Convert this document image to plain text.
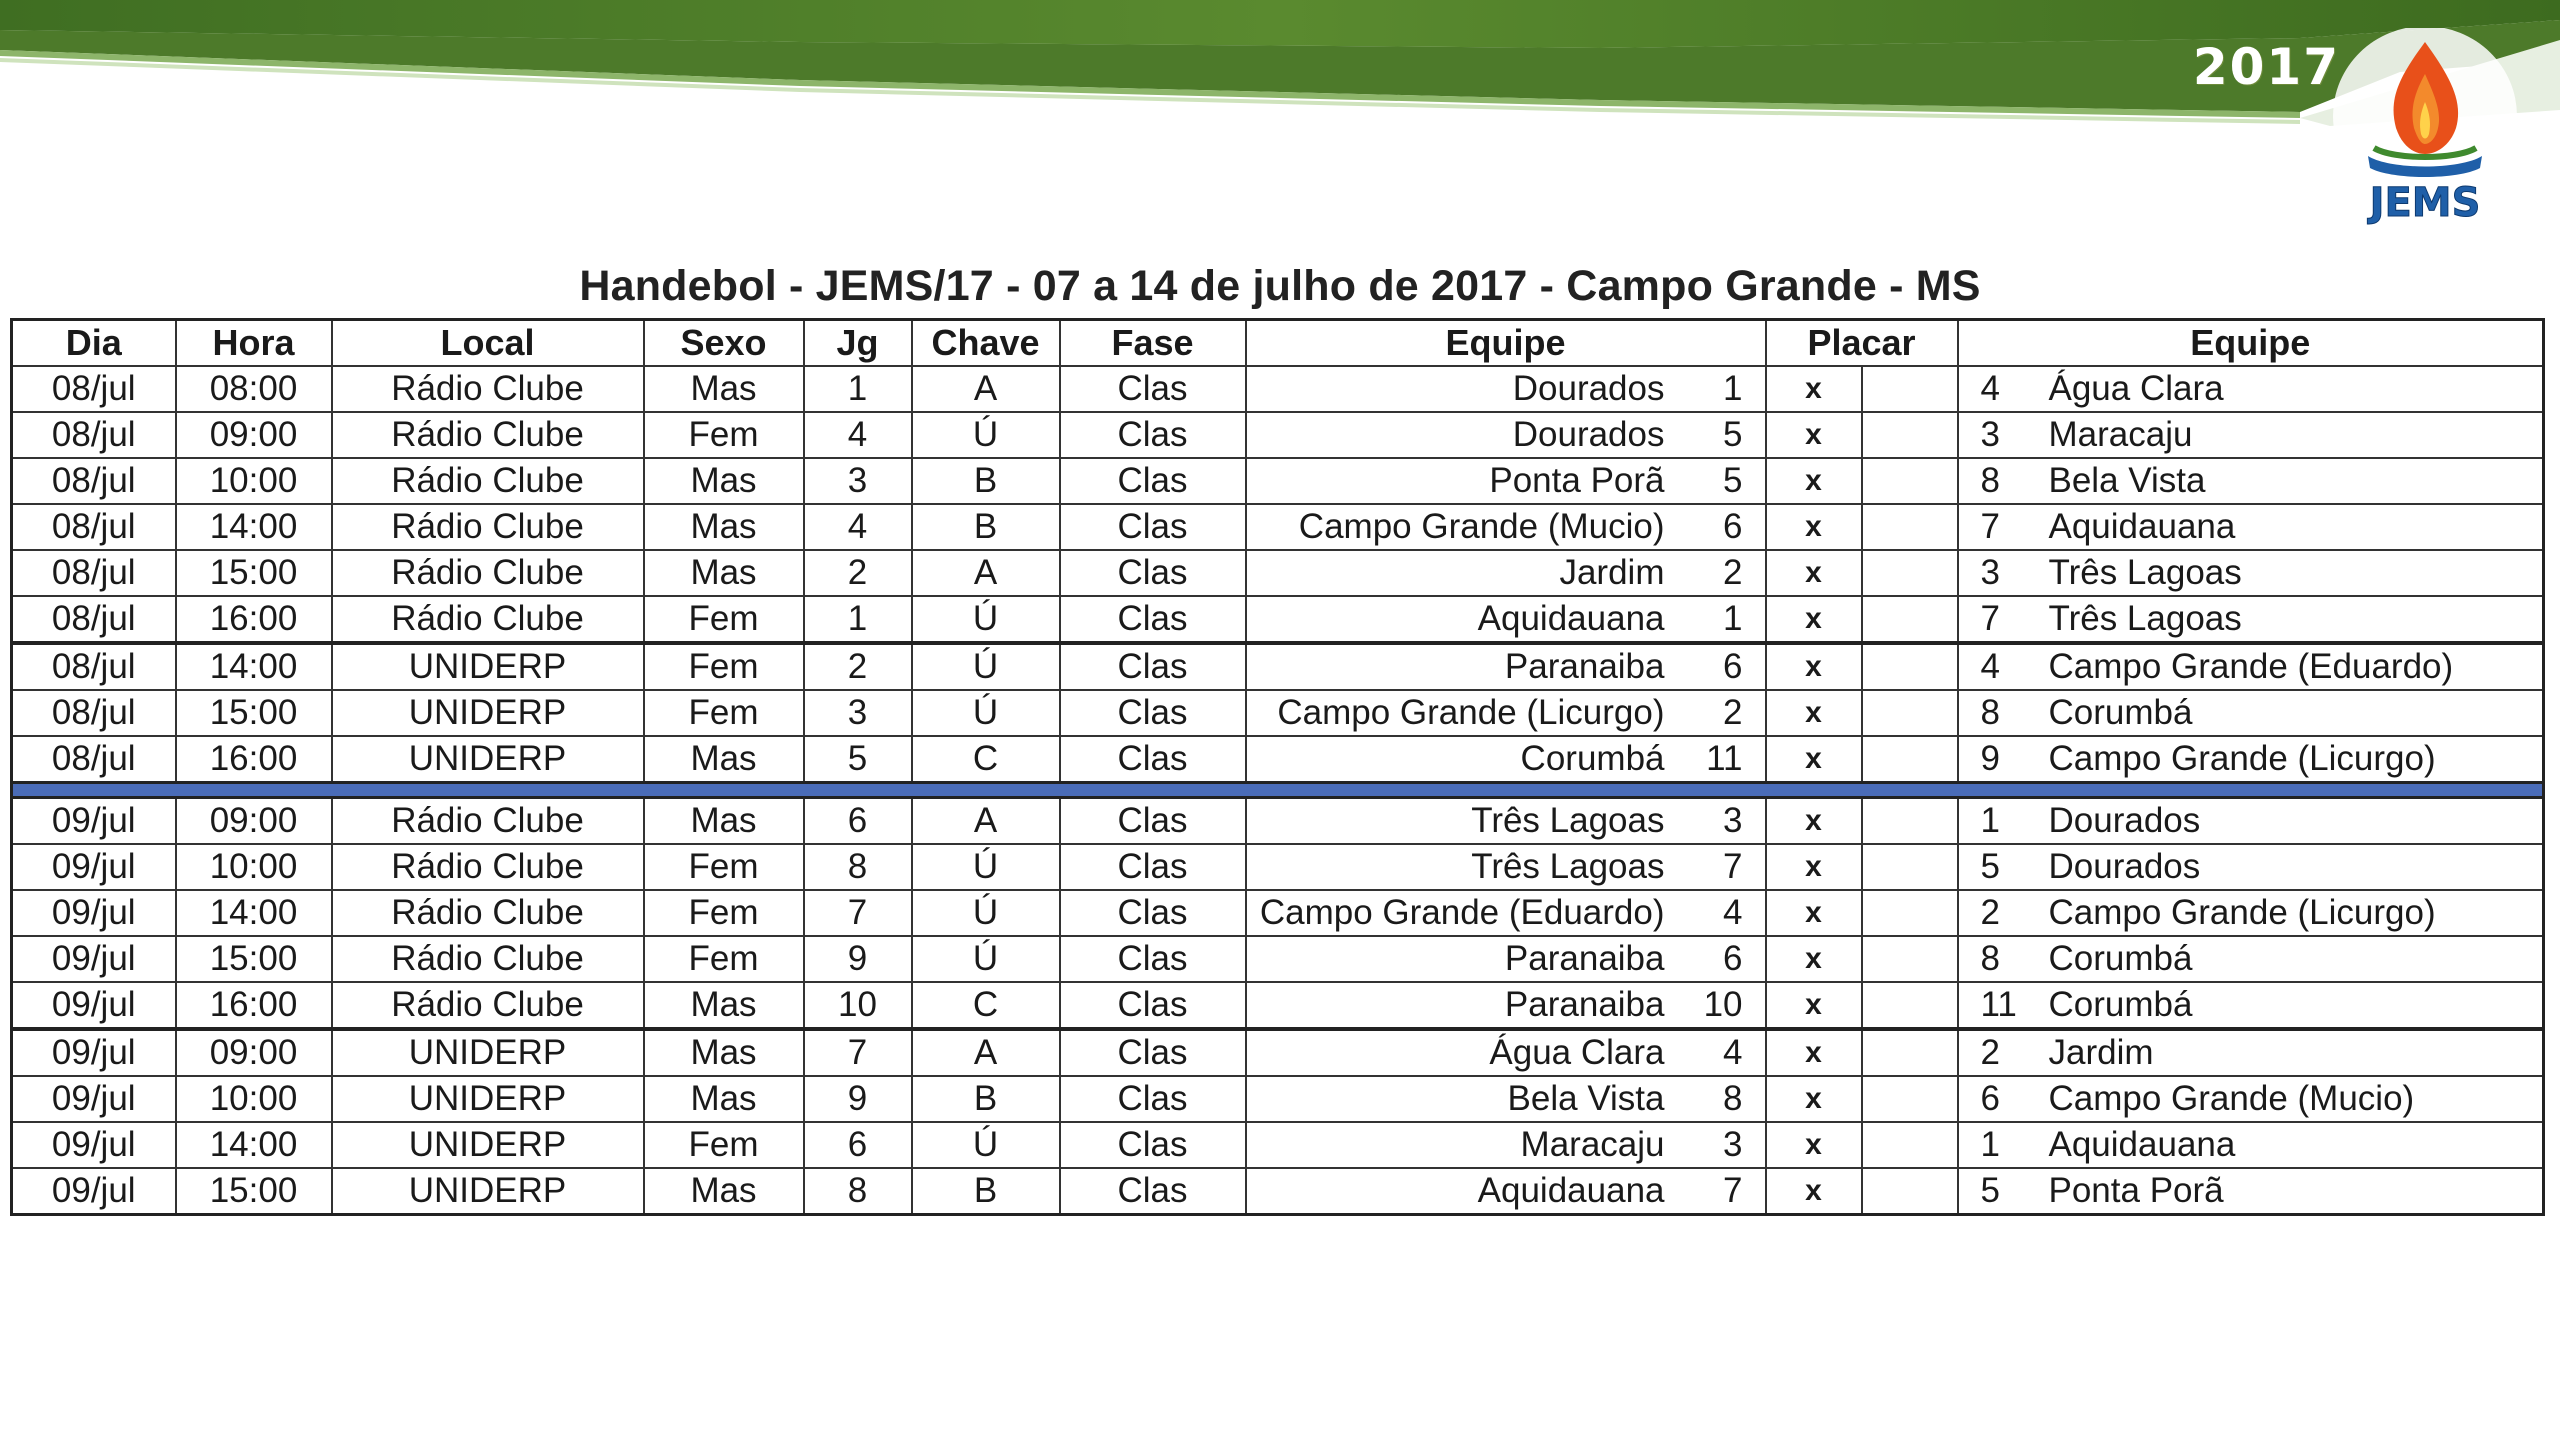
2017
JEMS
Handebol - JEMS/17 - 07 a 14 de julho de 2017 - Campo Grande - MS
Dia	Hora	Local	Sexo	Jg	Chave	Fase	Equipe	Placar		Equipe
08/jul	08:00	Rádio Clube	Mas	1	A	Clas	Dourados 1	x		4 Água Clara
08/jul	09:00	Rádio Clube	Fem	4	Ú	Clas	Dourados 5	x		3 Maracaju
08/jul	10:00	Rádio Clube	Mas	3	B	Clas	Ponta Porã 5	x		8 Bela Vista
08/jul	14:00	Rádio Clube	Mas	4	B	Clas	Campo Grande (Mucio) 6	x		7 Aquidauana
08/jul	15:00	Rádio Clube	Mas	2	A	Clas	Jardim 2	x		3 Três Lagoas
08/jul	16:00	Rádio Clube	Fem	1	Ú	Clas	Aquidauana 1	x		7 Três Lagoas
08/jul	14:00	UNIDERP	Fem	2	Ú	Clas	Paranaiba 6	x		4 Campo Grande (Eduardo)
08/jul	15:00	UNIDERP	Fem	3	Ú	Clas	Campo Grande (Licurgo) 2	x		8 Corumbá
08/jul	16:00	UNIDERP	Mas	5	C	Clas	Corumbá 11	x		9 Campo Grande (Licurgo)

09/jul	09:00	Rádio Clube	Mas	6	A	Clas	Três Lagoas 3	x		1 Dourados
09/jul	10:00	Rádio Clube	Fem	8	Ú	Clas	Três Lagoas 7	x		5 Dourados
09/jul	14:00	Rádio Clube	Fem	7	Ú	Clas	Campo Grande (Eduardo) 4	x		2 Campo Grande (Licurgo)
09/jul	15:00	Rádio Clube	Fem	9	Ú	Clas	Paranaiba 6	x		8 Corumbá
09/jul	16:00	Rádio Clube	Mas	10	C	Clas	Paranaiba 10	x		11 Corumbá
09/jul	09:00	UNIDERP	Mas	7	A	Clas	Água Clara 4	x		2 Jardim
09/jul	10:00	UNIDERP	Mas	9	B	Clas	Bela Vista 8	x		6 Campo Grande (Mucio)
09/jul	14:00	UNIDERP	Fem	6	Ú	Clas	Maracaju 3	x		1 Aquidauana
09/jul	15:00	UNIDERP	Mas	8	B	Clas	Aquidauana 7	x		5 Ponta Porã
